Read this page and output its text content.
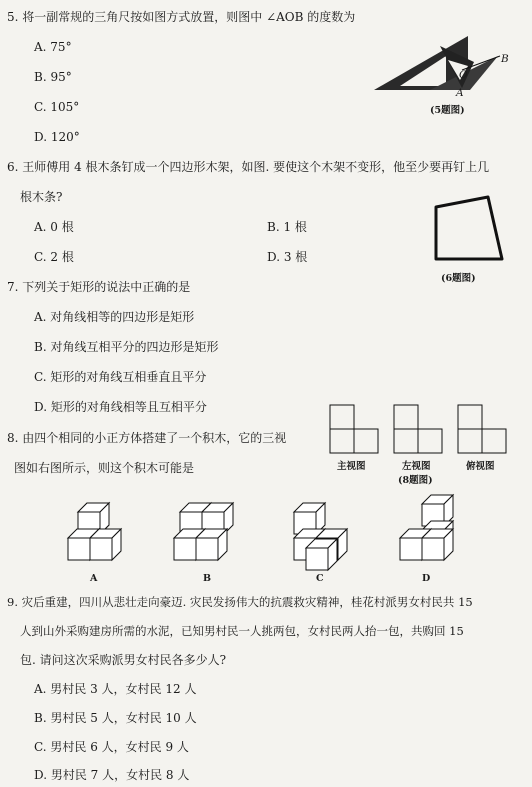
5. 将一副常规的三角尺按如图方式放置，则图中 ∠AOB 的度数为
A. 75°
B. 95°
C. 105°
D. 120°
B
O
A
(5题图)
6. 王师傅用 4 根木条钉成一个四边形木架，如图. 要使这个木架不变形，他至少要再钉上几
根木条?
A. 0 根	B. 1 根
C. 2 根	D. 3 根
(6题图)
7. 下列关于矩形的说法中正确的是
A. 对角线相等的四边形是矩形
B. 对角线互相平分的四边形是矩形
C. 矩形的对角线互相垂直且平分
D. 矩形的对角线相等且互相平分
8. 由四个相同的小正方体搭建了一个积木，它的三视
图如右图所示，则这个积木可能是	主视图	左视图	俯视图
(8题图)
A	B	C	D
9. 灾后重建，四川从悲壮走向豪迈. 灾民发扬伟大的抗震救灾精神，桂花村派男女村民共 15
人到山外采购建房所需的水泥，已知男村民一人挑两包，女村民两人抬一包，共购回 15
包. 请问这次采购派男女村民各多少人?
A. 男村民 3 人，女村民 12 人
B. 男村民 5 人，女村民 10 人
C. 男村民 6 人，女村民 9 人
D. 男村民 7 人，女村民 8 人
